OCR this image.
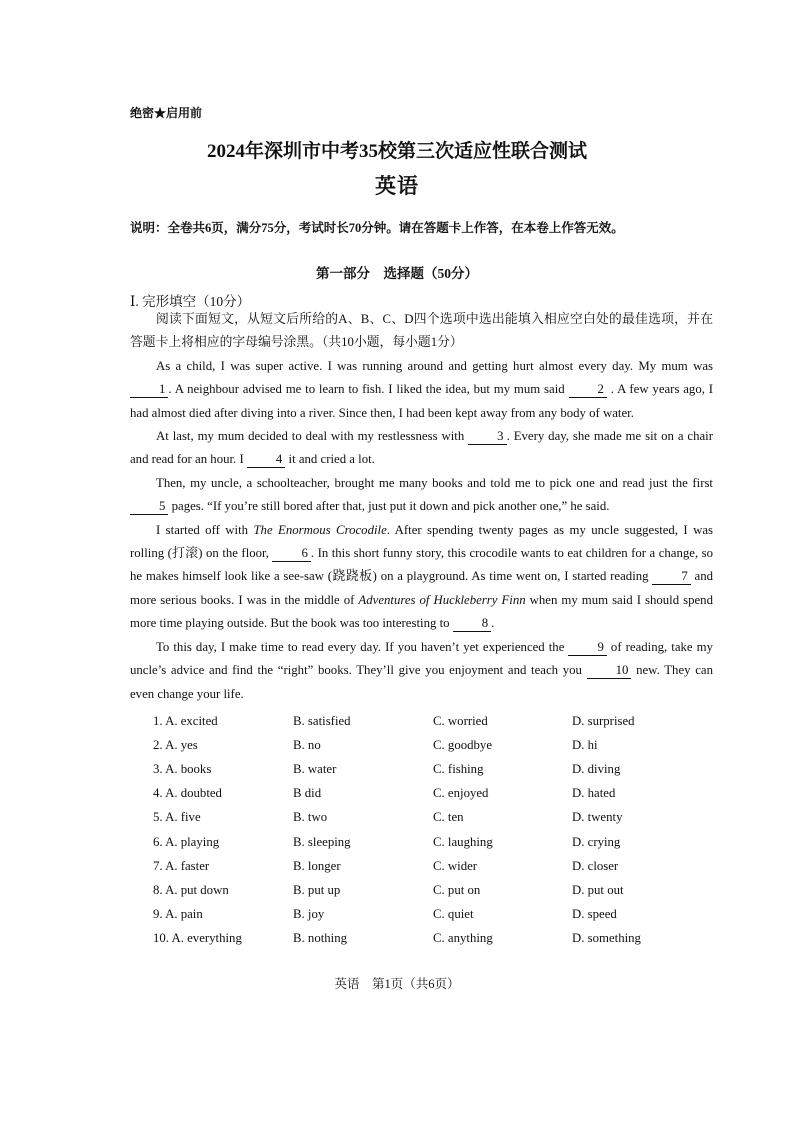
绝密★启用前
2024年深圳市中考35校第三次适应性联合测试
英语
说明：全卷共6页，满分75分，考试时长70分钟。请在答题卡上作答，在本卷上作答无效。
第一部分　选择题（50分）
Ⅰ. 完形填空（10分）

阅读下面短文，从短文后所给的A、B、C、D四个选项中选出能填入相应空白处的最佳选项，并在答题卡上将相应的字母编号涂黑。（共10小题，每小题1分）

As a child, I was super active. I was running around and getting hurt almost every day. My mum was 1 . A neighbour advised me to learn to fish. I liked the idea, but my mum said	2 . A few years ago, I had almost died after diving into a river. Since then, I had been kept away from any body of water.

At last, my mum decided to deal with my restlessness with	3 . Every day, she made me sit on a chair and read for an hour. I	4 it and cried a lot.

Then, my uncle, a schoolteacher, brought me many books and told me to pick one and read just the first 5 pages. “If you’re still bored after that, just put it down and pick another one,” he said.

I started off with The Enormous Crocodile. After spending twenty pages as my uncle suggested, I was rolling (打滚) on the floor,	6 . In this short funny story, this crocodile wants to eat children for a change, so he makes himself look like a see-saw (跷跷板) on a playground. As time went on, I started reading	7 and more serious books. I was in the middle of Adventures of Huckleberry Finn when my mum said I should spend more time playing outside. But the book was too interesting to	8 .

To this day, I make time to read every day. If you haven’t yet experienced the	9 of reading, take my uncle’s advice and find the “right” books. They’ll give you enjoyment and teach you	10 new. They can even change your life.

1. A. excited	B. satisfied	C. worried	D. surprised
2. A. yes	B. no	C. goodbye	D. hi
3. A. books	B. water	C. fishing	D. diving
4. A. doubted	B did	C. enjoyed	D. hated
5. A. five	B. two	C. ten	D. twenty
6. A. playing	B. sleeping	C. laughing	D. crying
7. A. faster	B. longer	C. wider	D. closer
8. A. put down	B. put up	C. put on	D. put out
9. A. pain	B. joy	C. quiet	D. speed
10. A. everything	B. nothing	C. anything	D. something
英语　第1页（共6页）
